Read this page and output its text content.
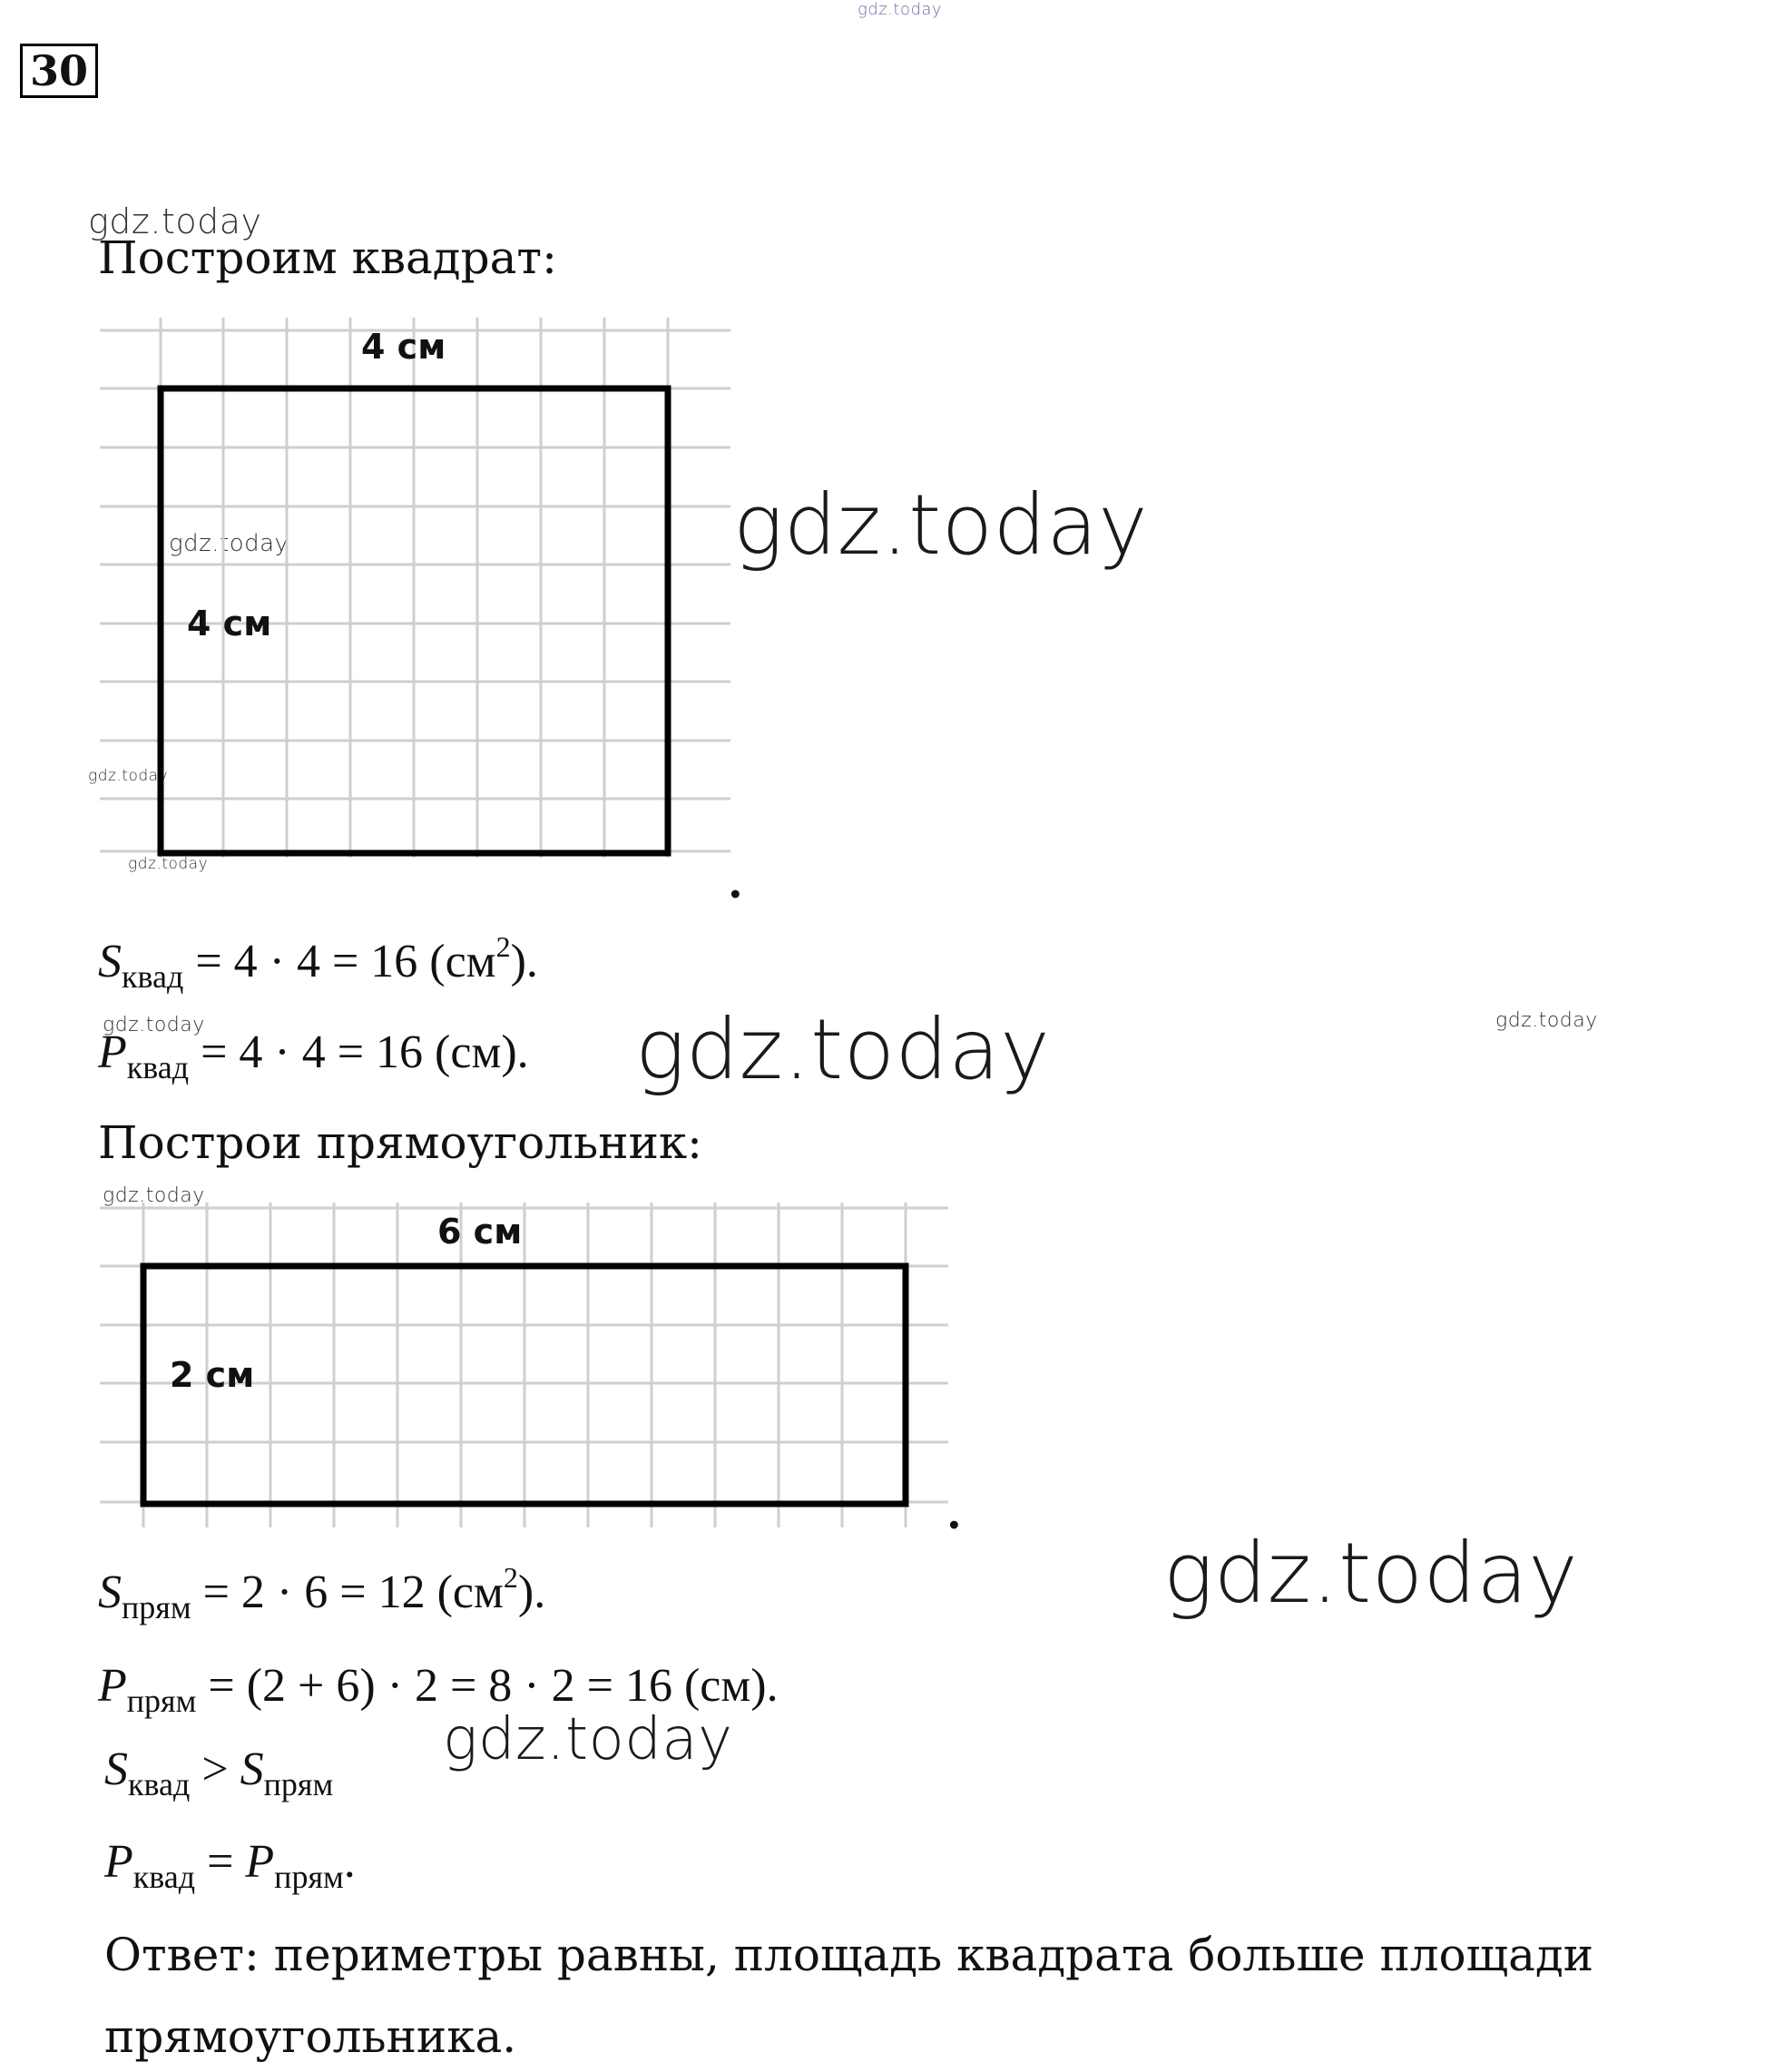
gdz.today
gdz.today
gdz.today
gdz.today
gdz.today
gdz.today
gdz.today	gdz.today
gdz.today
gdz.today
gdz.today
gdz.today
30
Построим квадрат:
4 см
4 см
.
$S_{квад} = 4 \cdot 4 = 16$ $(см^2)$.
$P_{квад} = 4 \cdot 4 = 16$ (см).
Построи прямоугольник:
6 см
2 см
.
$S_{прям} = 2 \cdot 6 = 12$ $(см^2)$.
$P_{прям} = (2 + 6) \cdot 2 = 8 \cdot 2 = 16$ (см).
$S_{квад} > S_{прям}$
$P_{квад} = P_{прям}$.
Ответ: периметры равны, площадь квадрата больше площади
прямоугольника.
